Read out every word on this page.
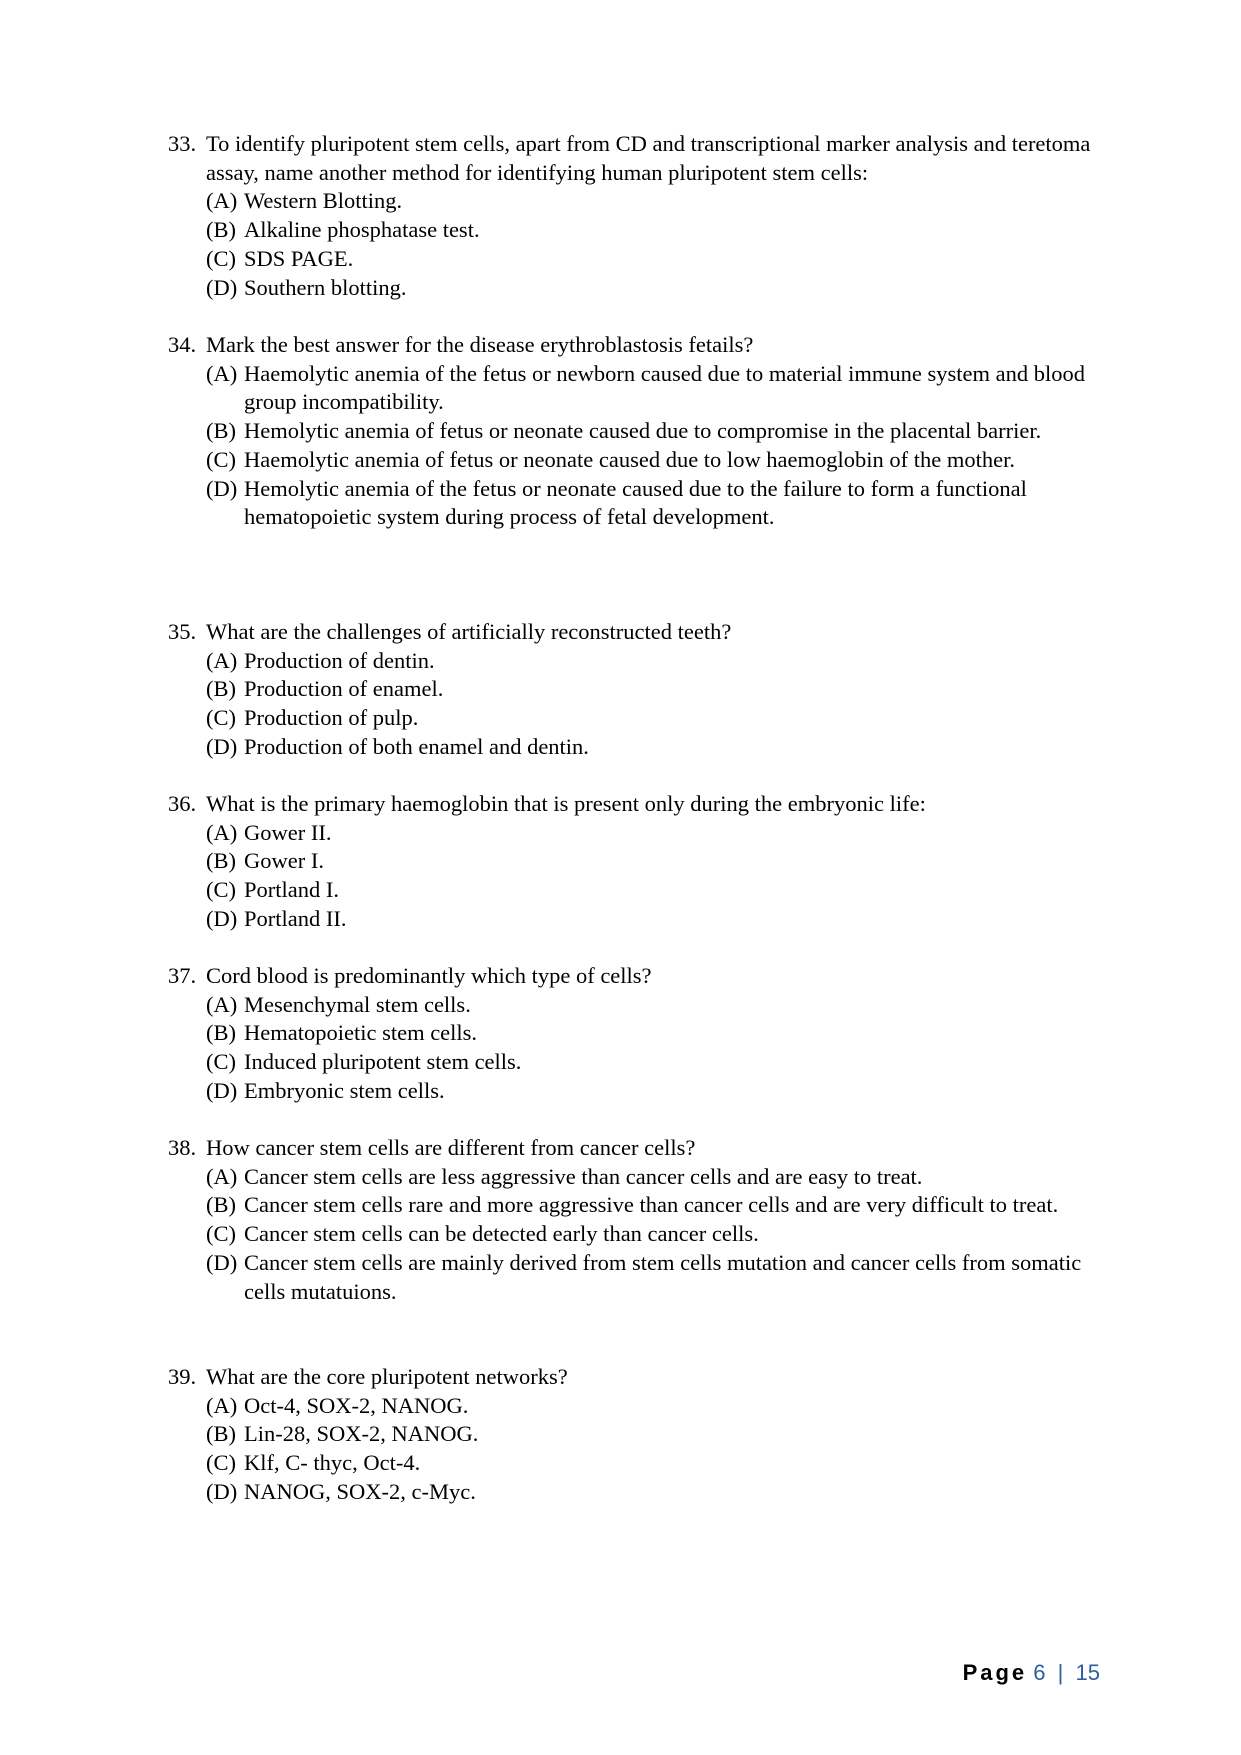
33. To identify pluripotent stem cells, apart from CD and transcriptional marker analysis and teretoma assay, name another method for identifying human pluripotent stem cells:
(A) Western Blotting.
(B) Alkaline phosphatase test.
(C) SDS PAGE.
(D) Southern blotting.
34. Mark the best answer for the disease erythroblastosis fetails?
(A) Haemolytic anemia of the fetus or newborn caused due to material immune system and blood group incompatibility.
(B) Hemolytic anemia of fetus or neonate caused due to compromise in the placental barrier.
(C) Haemolytic anemia of fetus or neonate caused due to low haemoglobin of the mother.
(D) Hemolytic anemia of the fetus or neonate caused due to the failure to form a functional hematopoietic system during process of fetal development.
35. What are the challenges of artificially reconstructed teeth?
(A) Production of dentin.
(B) Production of enamel.
(C) Production of pulp.
(D) Production of both enamel and dentin.
36. What is the primary haemoglobin that is present only during the embryonic life:
(A) Gower II.
(B) Gower I.
(C) Portland I.
(D) Portland II.
37. Cord blood is predominantly which type of cells?
(A) Mesenchymal stem cells.
(B) Hematopoietic stem cells.
(C) Induced pluripotent stem cells.
(D) Embryonic stem cells.
38. How cancer stem cells are different from cancer cells?
(A) Cancer stem cells are less aggressive than cancer cells and are easy to treat.
(B) Cancer stem cells rare and more aggressive than cancer cells and are very difficult to treat.
(C) Cancer stem cells can be detected early than cancer cells.
(D) Cancer stem cells are mainly derived from stem cells mutation and cancer cells from somatic cells mutatuions.
39. What are the core pluripotent networks?
(A) Oct-4, SOX-2, NANOG.
(B) Lin-28, SOX-2, NANOG.
(C) Klf, C- thyc, Oct-4.
(D) NANOG, SOX-2, c-Myc.
Page 6 | 15
